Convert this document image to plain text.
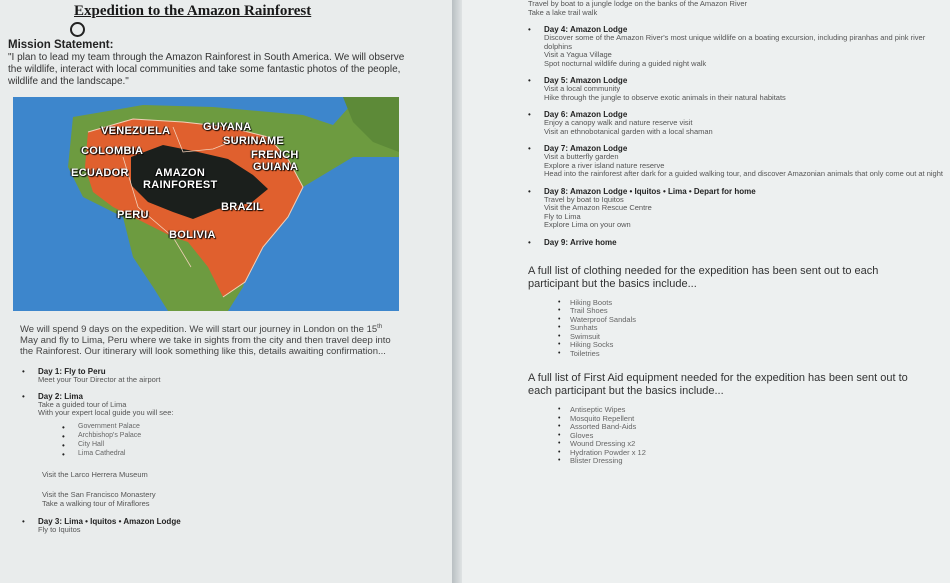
Expedition to the Amazon Rainforest
Mission Statement:

"I plan to lead my team through the Amazon Rainforest in South America. We will observe the wildlife, interact with local communities and take some fantastic photos of the people, wildlife and the landscape."

VENEZUELA	GUYANA
SURINAME
COLOMBIA	FRENCH
GUIANA
ECUADOR AMAZON
RAINFOREST
PERU
BRAZIL
BOLIVIA

We will spend 9 days on the expedition. We will start our journey in London on the 15th May and fly to Lima, Peru where we take in sights from the city and then travel deep into the Rainforest. Our itinerary will look something like this, details awaiting confirmation...

•	Day 1: Fly to Peru
Meet your Tour Director at the airport
•	Day 2: Lima
Take a guided tour of Lima
With your expert local guide you will see:
•	Government Palace
•	Archbishop's Palace
•	City Hall
•	Lima Cathedral
Visit the Larco Herrera Museum
Visit the San Francisco Monastery
Take a walking tour of Miraflores
•	Day 3: Lima • Iquitos • Amazon Lodge
Fly to Iquitos
Travel by boat to a jungle lodge on the banks of the Amazon River
Take a lake trail walk
•	Day 4: Amazon Lodge
Discover some of the Amazon River's most unique wildlife on a boating excursion, including piranhas and pink river dolphins
Visit a Yagua Village
Spot nocturnal wildlife during a guided night walk
•	Day 5: Amazon Lodge
Visit a local community
Hike through the jungle to observe exotic animals in their natural habitats
•	Day 6: Amazon Lodge
Enjoy a canopy walk and nature reserve visit
Visit an ethnobotanical garden with a local shaman
•	Day 7: Amazon Lodge
Visit a butterfly garden
Explore a river island nature reserve
Head into the rainforest after dark for a guided walking tour, and discover Amazonian animals that only come out at night
•	Day 8: Amazon Lodge • Iquitos • Lima • Depart for home
Travel by boat to Iquitos
Visit the Amazon Rescue Centre
Fly to Lima
Explore Lima on your own
•	Day 9: Arrive home
A full list of clothing needed for the expedition has been sent out to each participant but the basics include...
•	Hiking Boots
•	Trail Shoes
•	Waterproof Sandals
•	Sunhats
•	Swimsuit
•	Hiking Socks
•	Toiletries
A full list of First Aid equipment needed for the expedition has been sent out to each participant but the basics include...
•	Antiseptic Wipes
•	Mosquito Repellent
•	Assorted Band-Aids
•	Gloves
•	Wound Dressing x2
•	Hydration Powder x 12
•	Blister Dressing
